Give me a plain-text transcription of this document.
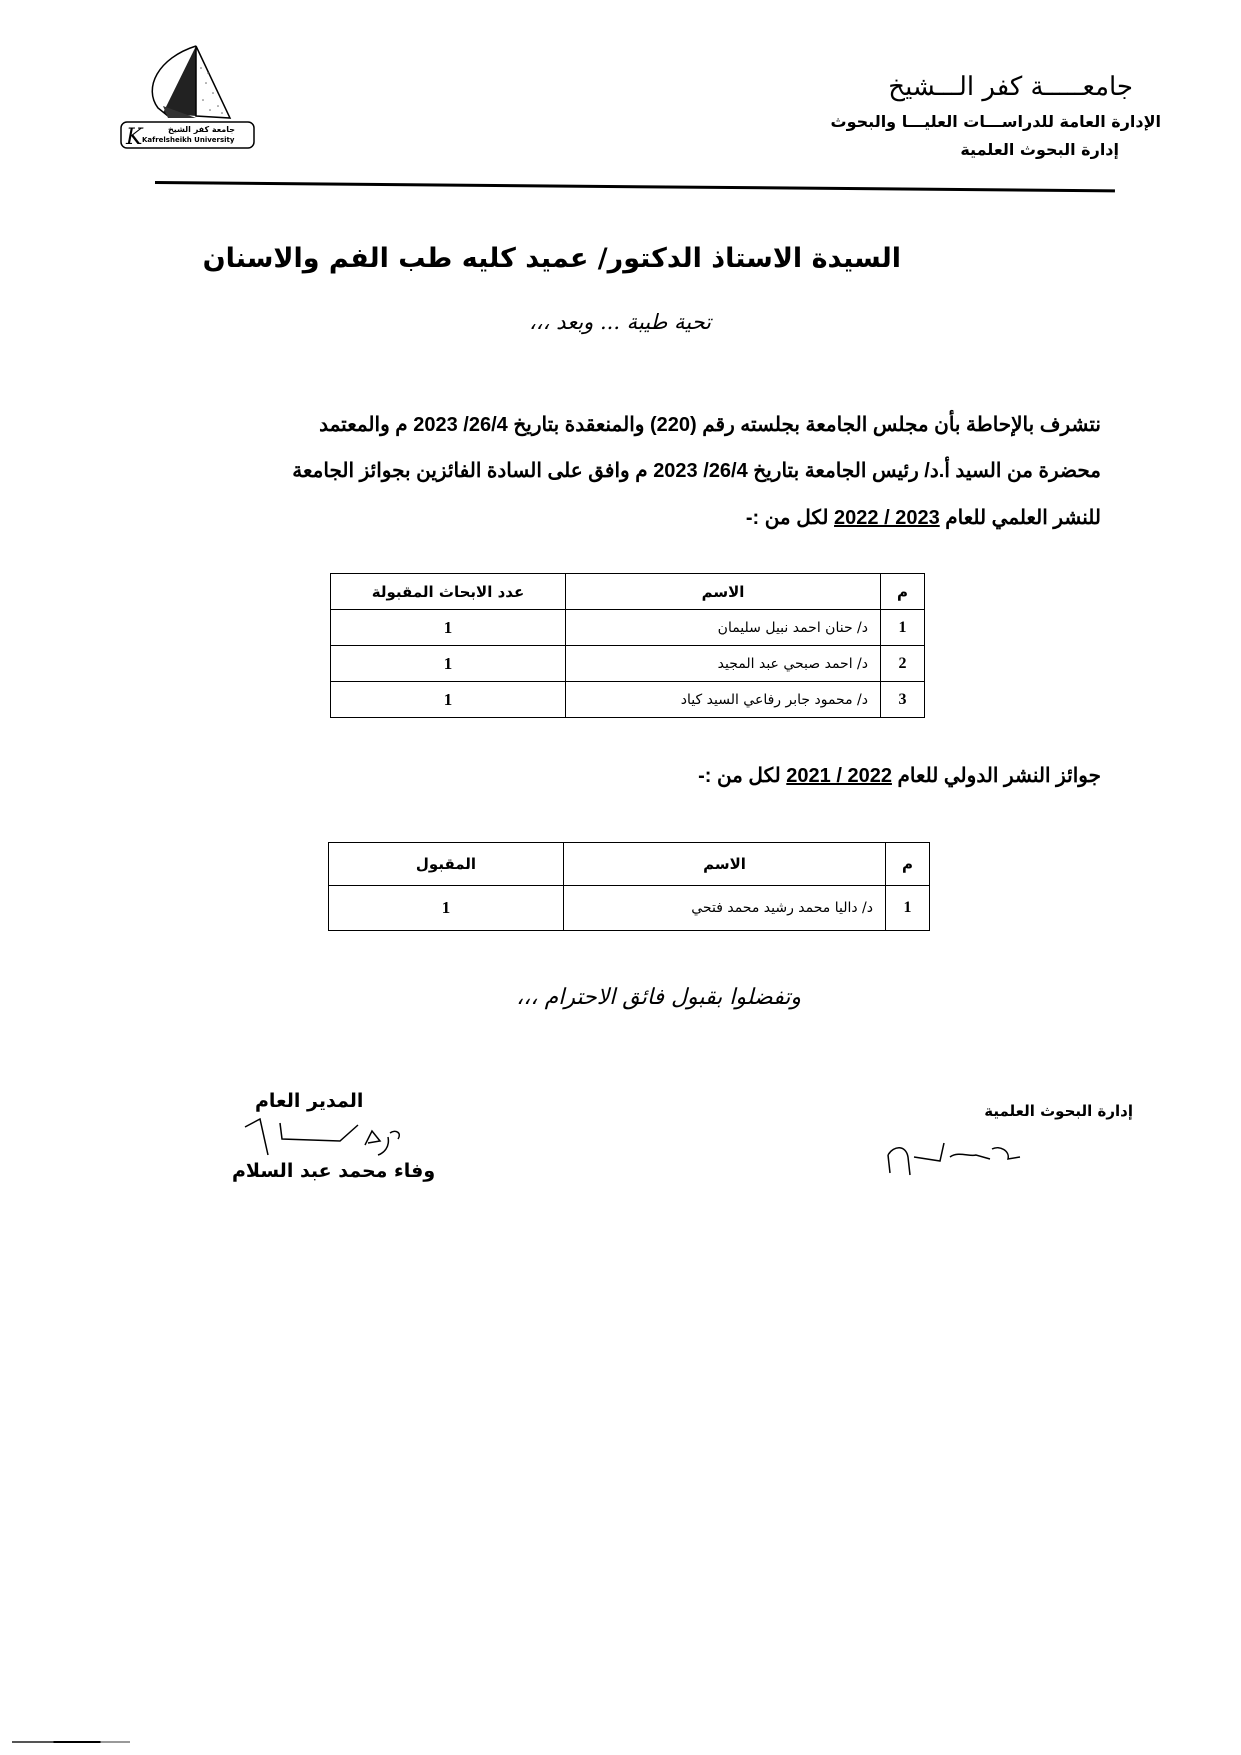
K	جامعة كفر الشيخ
Kafrelsheikh University
جامعـــــة كفر الـــشيخ
الإدارة العامة للدراســـات العليـــا والبحوث
إدارة البحوث العلمية
السيدة الاستاذ الدكتور/ عميد كليه طب الفم والاسنان
تحية طيبة ... وبعد ،،،
نتشرف بالإحاطة بأن مجلس الجامعة بجلسته رقم (220) والمنعقدة بتاريخ 26/4/ 2023 م والمعتمد
محضرة من السيد أ.د/ رئيس الجامعة بتاريخ 26/4/ 2023 م وافق على السادة الفائزين بجوائز الجامعة
للنشر العلمي للعام 2022 / 2023 لكل من :-
م	الاسم	عدد الابحاث المقبولة
1	د/ حنان احمد نبيل سليمان	1
2	د/ احمد صبحي عبد المجيد	1
3	د/ محمود جابر رفاعي السيد كياد	1
جوائز النشر الدولي للعام 2021 / 2022 لكل من :-
م	الاسم	المقبول
1	د/ داليا محمد رشيد محمد فتحي	1
وتفضلوا بقبول فائق الاحترام ،،،
المدير العام
وفاء محمد عبد السلام
إدارة البحوث العلمية
